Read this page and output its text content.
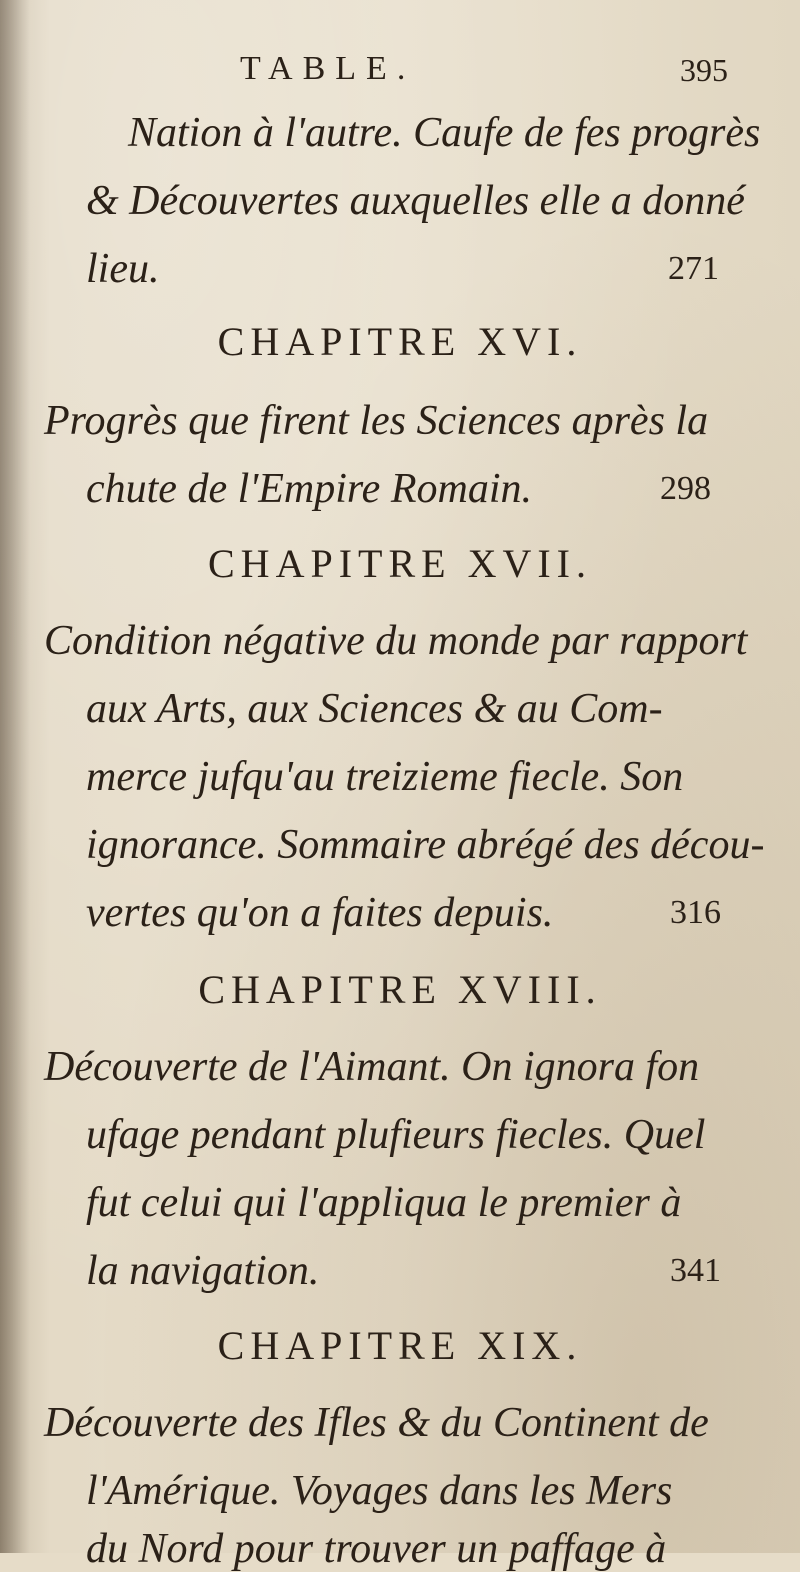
TABLE.	395
Nation à l'autre. Caufe de fes progrès
& Découvertes auxquelles elle a donné
lieu.	271
CHAPITRE XVI.
Progrès que firent les Sciences après la
chute de l'Empire Romain.	298
CHAPITRE XVII.
Condition négative du monde par rapport
aux Arts, aux Sciences & au Com-
merce jufqu'au treizieme fiecle. Son
ignorance. Sommaire abrégé des décou-
vertes qu'on a faites depuis.	316
CHAPITRE XVIII.
Découverte de l'Aimant. On ignora fon
ufage pendant plufieurs fiecles. Quel
fut celui qui l'appliqua le premier à
la navigation.	341
CHAPITRE XIX.
Découverte des Ifles & du Continent de
l'Amérique. Voyages dans les Mers
du Nord pour trouver un paffage à
